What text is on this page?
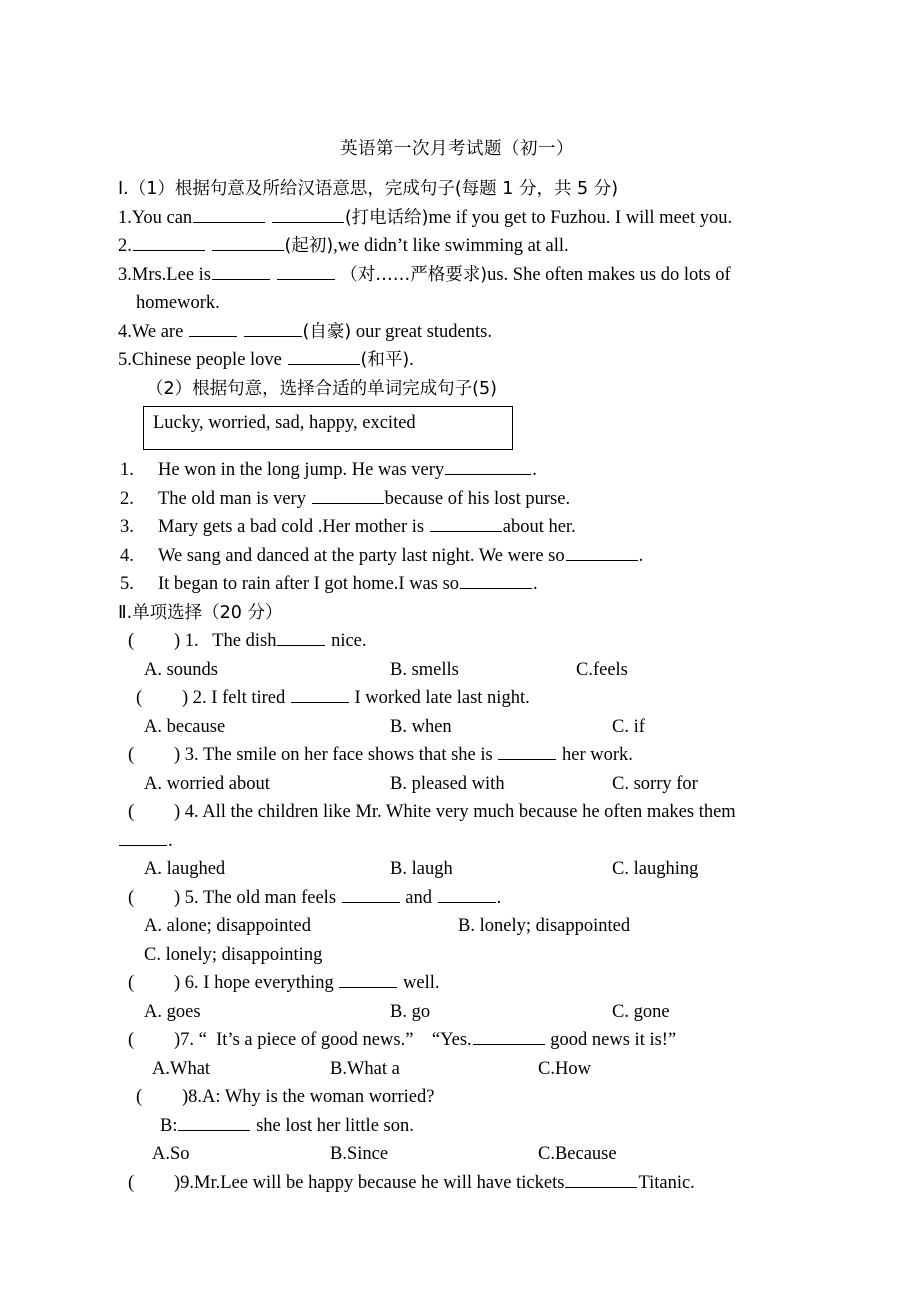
英语第一次月考试题（初一）

I.（1）根据句意及所给汉语意思，完成句子(每题 1 分，共 5 分)

1.You can	(打电话给)me if you get to Fuzhou. I will meet you.

2.	(起初),we didn’t like swimming at all.

3.Mrs.Lee is	（对……严格要求)us. She often makes us do lots of

homework.

4.We are	(自豪) our great students.

5.Chinese people love	(和平).

（2）根据句意，选择合适的单词完成句子(5)

Lucky, worried, sad, happy, excited
1.	He won in the long jump. He was very	.
2.	The old man is very	because of his lost purse.
3.	Mary gets a bad cold .Her mother is	about her.
4.	We sang and danced at the party last night. We were so	.
5.	It began to rain after I got home.I was so	.

Ⅱ.单项选择（20 分）

( ) 1.   The dish	nice.

A. sounds	B. smells	C.feels

( ) 2. I felt tired	I worked late last night.

A. because	B. when	C. if

( ) 3. The smile on her face shows that she is	her work.

A. worried about	B. pleased with	C. sorry for

( ) 4. All the children like Mr. White very much because he often makes them

.

A. laughed	B. laugh	C. laughing

( ) 5. The old man feels	and	.

A. alone; disappointed	B. lonely; disappointed
C. lonely; disappointing

( ) 6. I hope everything	well.

A. goes	B. go	C. gone

( )7. “  It’s a piece of good news.”    “Yes.	good news it is!”

A.What	B.What a	C.How

( )8.A: Why is the woman worried?

B:	she lost her little son.

A.So	B.Since	C.Because

( )9.Mr.Lee will be happy because he will have tickets	Titanic.
